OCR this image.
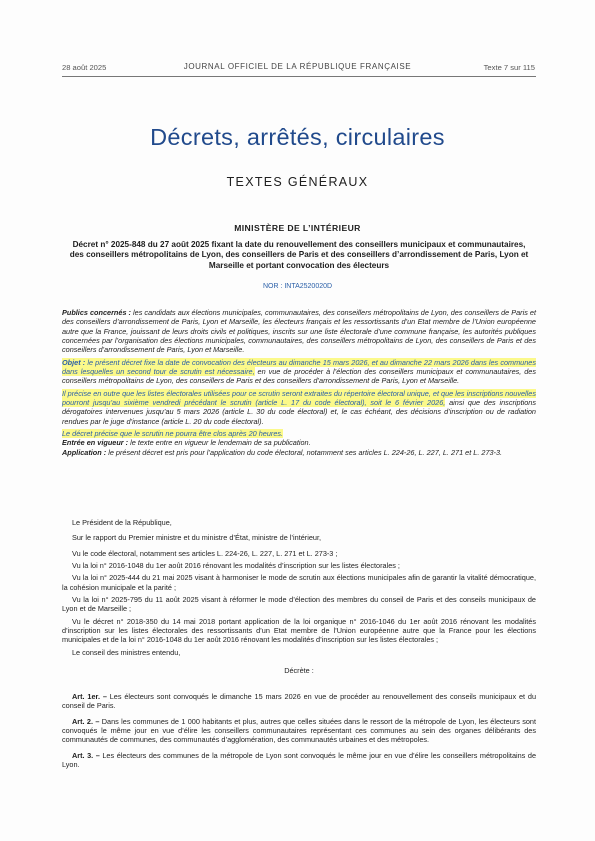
28 août 2025	JOURNAL OFFICIEL DE LA RÉPUBLIQUE FRANÇAISE	Texte 7 sur 115
Décrets, arrêtés, circulaires
TEXTES GÉNÉRAUX
MINISTÈRE DE L’INTÉRIEUR
Décret n° 2025-848 du 27 août 2025 fixant la date du renouvellement des conseillers municipaux et communautaires, des conseillers métropolitains de Lyon, des conseillers de Paris et des conseillers d’arrondissement de Paris, Lyon et Marseille et portant convocation des électeurs
NOR : INTA2520020D

Publics concernés : les candidats aux élections municipales, communautaires, des conseillers métropolitains de Lyon, des conseillers de Paris et des conseillers d’arrondissement de Paris, Lyon et Marseille, les électeurs français et les ressortissants d’un Etat membre de l’Union européenne autre que la France, jouissant de leurs droits civils et politiques, inscrits sur une liste électorale d’une commune française, les autorités publiques concernées par l’organisation des élections municipales, communautaires, des conseillers métropolitains de Lyon, des conseillers de Paris et des conseillers d’arrondissement de Paris, Lyon et Marseille.

Objet : le présent décret fixe la date de convocation des électeurs au dimanche 15 mars 2026, et au dimanche 22 mars 2026 dans les communes dans lesquelles un second tour de scrutin est nécessaire, en vue de procéder à l’élection des conseillers municipaux et communautaires, des conseillers métropolitains de Lyon, des conseillers de Paris et des conseillers d’arrondissement de Paris, Lyon et Marseille.

Il précise en outre que les listes électorales utilisées pour ce scrutin seront extraites du répertoire électoral unique, et que les inscriptions nouvelles pourront jusqu’au sixième vendredi précédant le scrutin (article L. 17 du code électoral), soit le 6 février 2026, ainsi que des inscriptions dérogatoires intervenues jusqu’au 5 mars 2026 (article L. 30 du code électoral) et, le cas échéant, des décisions d’inscription ou de radiation rendues par le juge d’instance (article L. 20 du code électoral).

Le décret précise que le scrutin ne pourra être clos après 20 heures.

Entrée en vigueur : le texte entre en vigueur le lendemain de sa publication.

Application : le présent décret est pris pour l’application du code électoral, notamment ses articles L. 224-26, L. 227, L. 271 et L. 273-3.

Le Président de la République,

Sur le rapport du Premier ministre et du ministre d’État, ministre de l’intérieur,

Vu le code électoral, notamment ses articles L. 224-26, L. 227, L. 271 et L. 273-3 ;

Vu la loi n° 2016-1048 du 1er août 2016 rénovant les modalités d’inscription sur les listes électorales ;

Vu la loi n° 2025-444 du 21 mai 2025 visant à harmoniser le mode de scrutin aux élections municipales afin de garantir la vitalité démocratique, la cohésion municipale et la parité ;

Vu la loi n° 2025-795 du 11 août 2025 visant à réformer le mode d’élection des membres du conseil de Paris et des conseils municipaux de Lyon et de Marseille ;

Vu le décret n° 2018-350 du 14 mai 2018 portant application de la loi organique n° 2016-1046 du 1er août 2016 rénovant les modalités d’inscription sur les listes électorales des ressortissants d’un Etat membre de l’Union européenne autre que la France pour les élections municipales et de la loi n° 2016-1048 du 1er août 2016 rénovant les modalités d’inscription sur les listes électorales ;

Le conseil des ministres entendu,

Décrète :

Art. 1er. – Les électeurs sont convoqués le dimanche 15 mars 2026 en vue de procéder au renouvellement des conseils municipaux et du conseil de Paris.

Art. 2. – Dans les communes de 1 000 habitants et plus, autres que celles situées dans le ressort de la métropole de Lyon, les électeurs sont convoqués le même jour en vue d’élire les conseillers communautaires représentant ces communes au sein des organes délibérants des communautés de communes, des communautés d’agglomération, des communautés urbaines et des métropoles.

Art. 3. – Les électeurs des communes de la métropole de Lyon sont convoqués le même jour en vue d’élire les conseillers métropolitains de Lyon.
